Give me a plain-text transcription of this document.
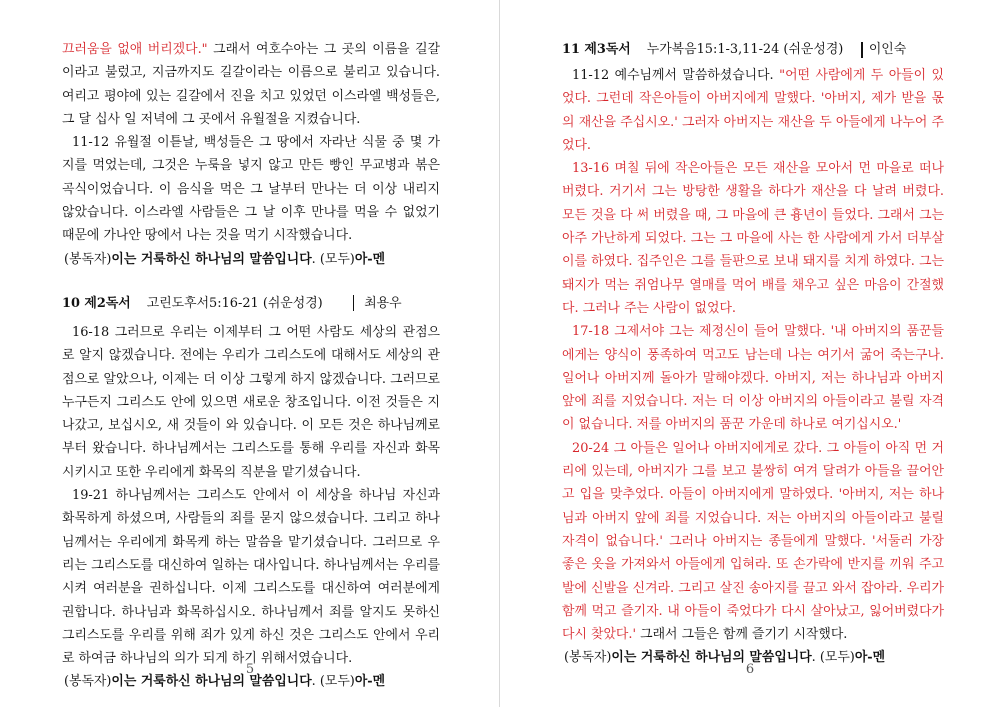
끄러움을 없애 버리겠다." 그래서 여호수아는 그 곳의 이름을 길갈이라고 불렀고, 지금까지도 길갈이라는 이름으로 불리고 있습니다. 여리고 평야에 있는 길갈에서 진을 치고 있었던 이스라엘 백성들은, 그 달 십사 일 저녁에 그 곳에서 유월절을 지켰습니다.

11-12 유월절 이튿날, 백성들은 그 땅에서 자라난 식물 중 몇 가지를 먹었는데, 그것은 누룩을 넣지 않고 만든 빵인 무교병과 볶은 곡식이었습니다. 이 음식을 먹은 그 날부터 만나는 더 이상 내리지 않았습니다. 이스라엘 사람들은 그 날 이후 만나를 먹을 수 없었기 때문에 가나안 땅에서 나는 것을 먹기 시작했습니다.

(봉독자)이는 거룩하신 하나님의 말씀입니다. (모두)아-멘
10 제2독서 고린도후서5:16-21 (쉬운성경)	최용우

16-18 그러므로 우리는 이제부터 그 어떤 사람도 세상의 관점으로 알지 않겠습니다. 전에는 우리가 그리스도에 대해서도 세상의 관점으로 알았으나, 이제는 더 이상 그렇게 하지 않겠습니다. 그러므로 누구든지 그리스도 안에 있으면 새로운 창조입니다. 이전 것들은 지나갔고, 보십시오, 새 것들이 와 있습니다. 이 모든 것은 하나님께로부터 왔습니다. 하나님께서는 그리스도를 통해 우리를 자신과 화목시키시고 또한 우리에게 화목의 직분을 맡기셨습니다.

19-21 하나님께서는 그리스도 안에서 이 세상을 하나님 자신과 화목하게 하셨으며, 사람들의 죄를 묻지 않으셨습니다. 그리고 하나님께서는 우리에게 화목케 하는 말씀을 맡기셨습니다. 그러므로 우리는 그리스도를 대신하여 일하는 대사입니다. 하나님께서는 우리를 시켜 여러분을 권하십니다. 이제 그리스도를 대신하여 여러분에게 권합니다. 하나님과 화목하십시오. 하나님께서 죄를 알지도 못하신 그리스도를 우리를 위해 죄가 있게 하신 것은 그리스도 안에서 우리로 하여금 하나님의 의가 되게 하기 위해서였습니다.

(봉독자)이는 거룩하신 하나님의 말씀입니다. (모두)아-멘
5
11 제3독서 누가복음15:1-3,11-24 (쉬운성경) 이인숙

11-12 예수님께서 말씀하셨습니다. "어떤 사람에게 두 아들이 있었다. 그런데 작은아들이 아버지에게 말했다. '아버지, 제가 받을 몫의 재산을 주십시오.' 그러자 아버지는 재산을 두 아들에게 나누어 주었다.

13-16 며칠 뒤에 작은아들은 모든 재산을 모아서 먼 마을로 떠나 버렸다. 거기서 그는 방탕한 생활을 하다가 재산을 다 날려 버렸다. 모든 것을 다 써 버렸을 때, 그 마을에 큰 흉년이 들었다. 그래서 그는 아주 가난하게 되었다. 그는 그 마을에 사는 한 사람에게 가서 더부살이를 하였다. 집주인은 그를 들판으로 보내 돼지를 치게 하였다. 그는 돼지가 먹는 쥐엄나무 열매를 먹어 배를 채우고 싶은 마음이 간절했다. 그러나 주는 사람이 없었다.

17-18 그제서야 그는 제정신이 들어 말했다. '내 아버지의 품꾼들에게는 양식이 풍족하여 먹고도 남는데 나는 여기서 굶어 죽는구나. 일어나 아버지께 돌아가 말해야겠다. 아버지, 저는 하나님과 아버지 앞에 죄를 지었습니다. 저는 더 이상 아버지의 아들이라고 불릴 자격이 없습니다. 저를 아버지의 품꾼 가운데 하나로 여기십시오.'

20-24 그 아들은 일어나 아버지에게로 갔다. 그 아들이 아직 먼 거리에 있는데, 아버지가 그를 보고 불쌍히 여겨 달려가 아들을 끌어안고 입을 맞추었다. 아들이 아버지에게 말하였다. '아버지, 저는 하나님과 아버지 앞에 죄를 지었습니다. 저는 아버지의 아들이라고 불릴 자격이 없습니다.' 그러나 아버지는 종들에게 말했다. '서둘러 가장 좋은 옷을 가져와서 아들에게 입혀라. 또 손가락에 반지를 끼워 주고 발에 신발을 신겨라. 그리고 살진 송아지를 끌고 와서 잡아라. 우리가 함께 먹고 즐기자. 내 아들이 죽었다가 다시 살아났고, 잃어버렸다가 다시 찾았다.' 그래서 그들은 함께 즐기기 시작했다.

(봉독자)이는 거룩하신 하나님의 말씀입니다. (모두)아-멘
6
